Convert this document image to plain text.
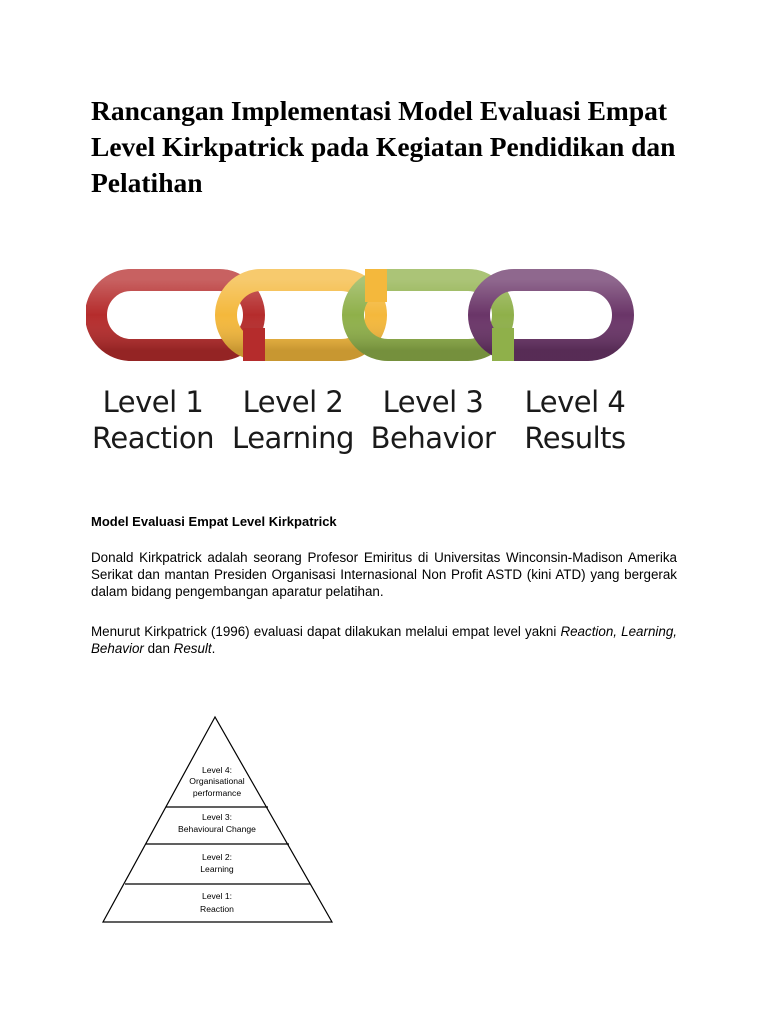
Rancangan Implementasi Model Evaluasi Empat Level Kirkpatrick pada Kegiatan Pendidikan dan Pelatihan
Level 1
Reaction
Level 2
Learning
Level 3
Behavior
Level 4
Results
Model Evaluasi Empat Level Kirkpatrick

Donald Kirkpatrick adalah seorang Profesor Emiritus di Universitas Winconsin-Madison Amerika Serikat dan mantan Presiden Organisasi Internasional Non Profit ASTD (kini ATD) yang bergerak dalam bidang pengembangan aparatur pelatihan.

Menurut Kirkpatrick (1996) evaluasi dapat dilakukan melalui empat level yakni Reaction, Learning, Behavior dan Result.

Level 4:
Organisational
performance
Level 3:
Behavioural Change
Level 2:
Learning
Level 1:
Reaction
